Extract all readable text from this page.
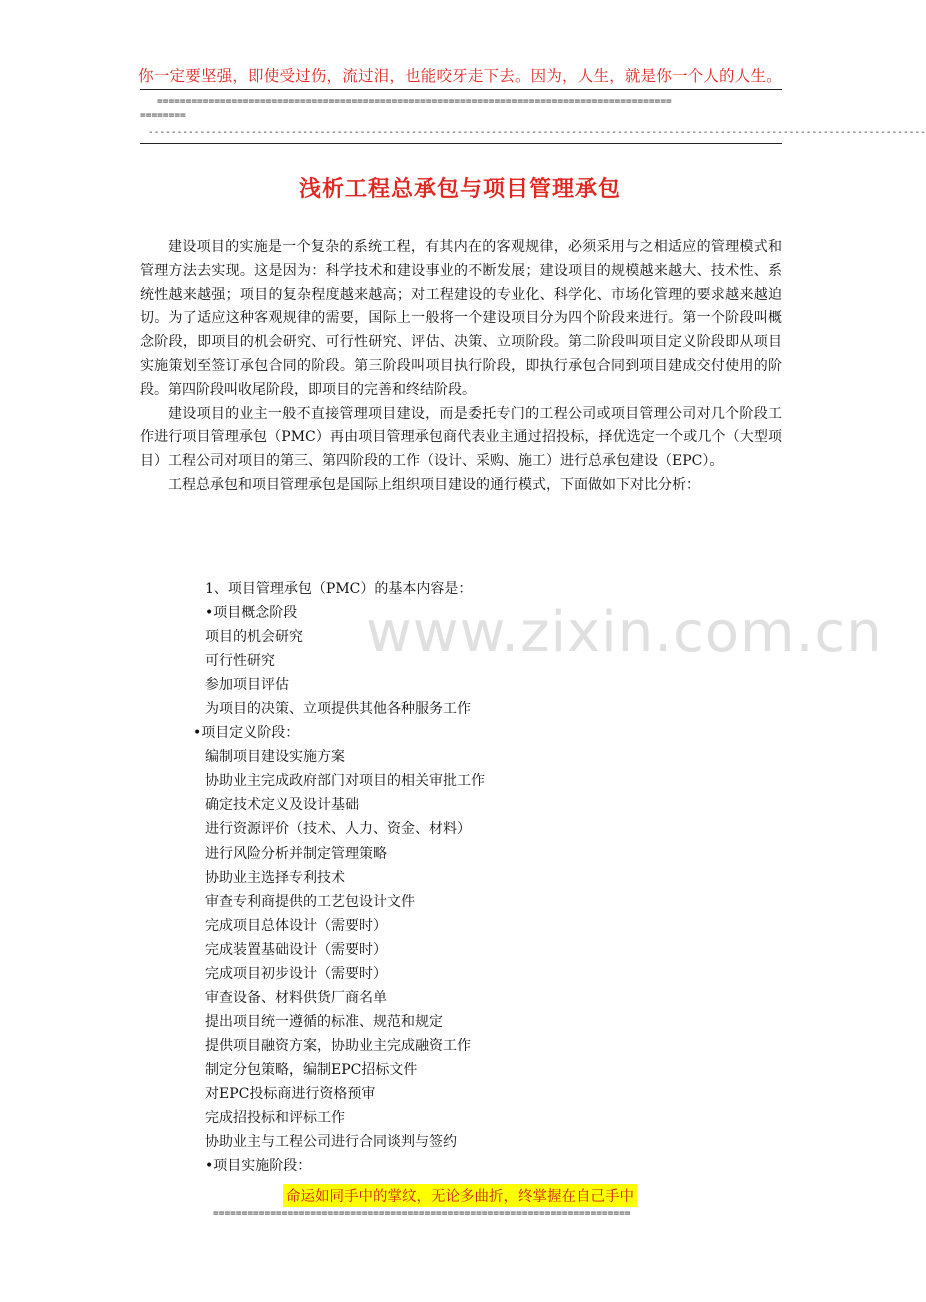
你一定要坚强，即使受过伤，流过泪，也能咬牙走下去。因为，人生，就是你一个人的人生。
==========================================================================================
========
----------------------------------------------------------------------------------------------------------------------------------------
浅析工程总承包与项目管理承包

建设项目的实施是一个复杂的系统工程，有其内在的客观规律，必须采用与之相适应的管理模式和管理方法去实现。这是因为：科学技术和建设事业的不断发展；建设项目的规模越来越大、技术性、系统性越来越强；项目的复杂程度越来越高；对工程建设的专业化、科学化、市场化管理的要求越来越迫切。为了适应这种客观规律的需要，国际上一般将一个建设项目分为四个阶段来进行。第一个阶段叫概念阶段，即项目的机会研究、可行性研究、评估、决策、立项阶段。第二阶段叫项目定义阶段即从项目实施策划至签订承包合同的阶段。第三阶段叫项目执行阶段，即执行承包合同到项目建成交付使用的阶段。第四阶段叫收尾阶段，即项目的完善和终结阶段。

建设项目的业主一般不直接管理项目建设，而是委托专门的工程公司或项目管理公司对几个阶段工作进行项目管理承包（PMC）再由项目管理承包商代表业主通过招投标，择优选定一个或几个（大型项目）工程公司对项目的第三、第四阶段的工作（设计、采购、施工）进行总承包建设（EPC）。

工程总承包和项目管理承包是国际上组织项目建设的通行模式，下面做如下对比分析：

1、项目管理承包（PMC）的基本内容是：

•项目概念阶段

项目的机会研究

可行性研究

参加项目评估

为项目的决策、立项提供其他各种服务工作

•项目定义阶段：

编制项目建设实施方案

协助业主完成政府部门对项目的相关审批工作

确定技术定义及设计基础

进行资源评价（技术、人力、资金、材料）

进行风险分析并制定管理策略

协助业主选择专利技术

审查专利商提供的工艺包设计文件

完成项目总体设计（需要时）

完成装置基础设计（需要时）

完成项目初步设计（需要时）

审查设备、材料供货厂商名单

提出项目统一遵循的标准、规范和规定

提供项目融资方案，协助业主完成融资工作

制定分包策略，编制EPC招标文件

对EPC投标商进行资格预审

完成招投标和评标工作

协助业主与工程公司进行合同谈判与签约

•项目实施阶段：

www.zixin.com.cn
命运如同手中的掌纹，无论多曲折，终掌握在自己手中
=========================================================================
